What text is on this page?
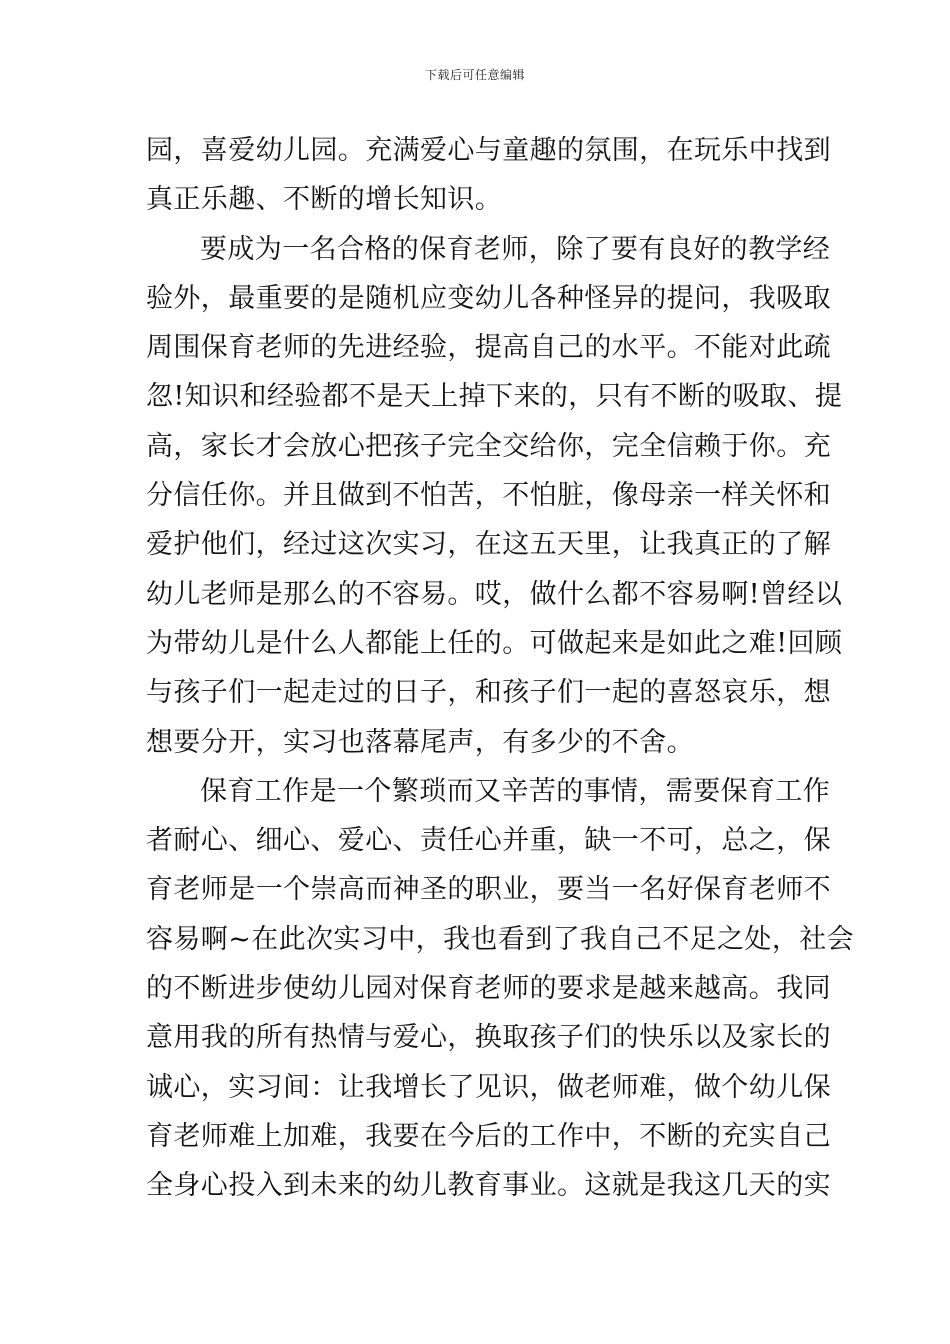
下载后可任意编辑
园，喜爱幼儿园。充满爱心与童趣的氛围，在玩乐中找到
真正乐趣、不断的增长知识。
要成为一名合格的保育老师，除了要有良好的教学经
验外，最重要的是随机应变幼儿各种怪异的提问，我吸取
周围保育老师的先进经验，提高自己的水平。不能对此疏
忽!知识和经验都不是天上掉下来的，只有不断的吸取、提
高，家长才会放心把孩子完全交给你，完全信赖于你。充
分信任你。并且做到不怕苦，不怕脏，像母亲一样关怀和
爱护他们，经过这次实习，在这五天里，让我真正的了解
幼儿老师是那么的不容易。哎，做什么都不容易啊!曾经以
为带幼儿是什么人都能上任的。可做起来是如此之难!回顾
与孩子们一起走过的日子，和孩子们一起的喜怒哀乐，想
想要分开，实习也落幕尾声，有多少的不舍。
保育工作是一个繁琐而又辛苦的事情，需要保育工作
者耐心、细心、爱心、责任心并重，缺一不可，总之，保
育老师是一个崇高而神圣的职业，要当一名好保育老师不
容易啊~在此次实习中，我也看到了我自己不足之处，社会
的不断进步使幼儿园对保育老师的要求是越来越高。我同
意用我的所有热情与爱心，换取孩子们的快乐以及家长的
诚心，实习间：让我增长了见识，做老师难，做个幼儿保
育老师难上加难，我要在今后的工作中，不断的充实自己
全身心投入到未来的幼儿教育事业。这就是我这几天的实
